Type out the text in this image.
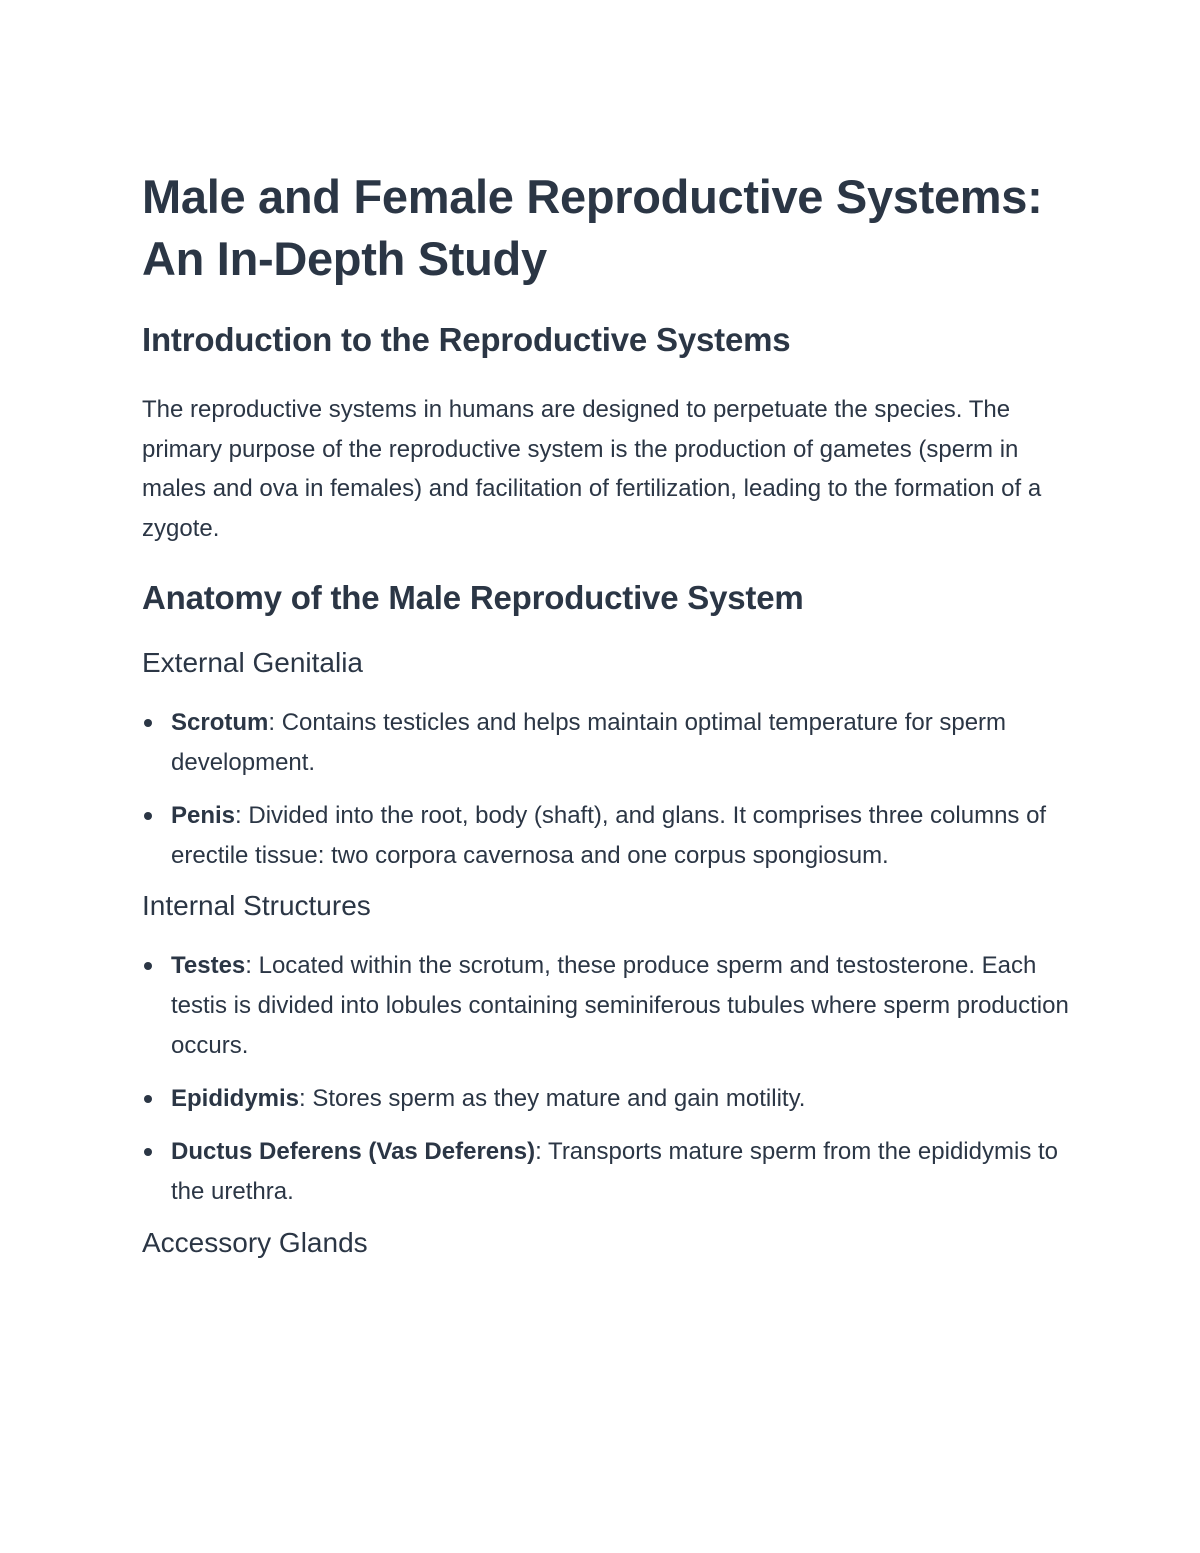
Male and Female Reproductive Systems: An In-Depth Study
Introduction to the Reproductive Systems

The reproductive systems in humans are designed to perpetuate the species. The primary purpose of the reproductive system is the production of gametes (sperm in males and ova in females) and facilitation of fertilization, leading to the formation of a zygote.

Anatomy of the Male Reproductive System
External Genitalia
Scrotum: Contains testicles and helps maintain optimal temperature for sperm development.
Penis: Divided into the root, body (shaft), and glans. It comprises three columns of erectile tissue: two corpora cavernosa and one corpus spongiosum.
Internal Structures
Testes: Located within the scrotum, these produce sperm and testosterone. Each testis is divided into lobules containing seminiferous tubules where sperm production occurs.
Epididymis: Stores sperm as they mature and gain motility.
Ductus Deferens (Vas Deferens): Transports mature sperm from the epididymis to the urethra.
Accessory Glands
